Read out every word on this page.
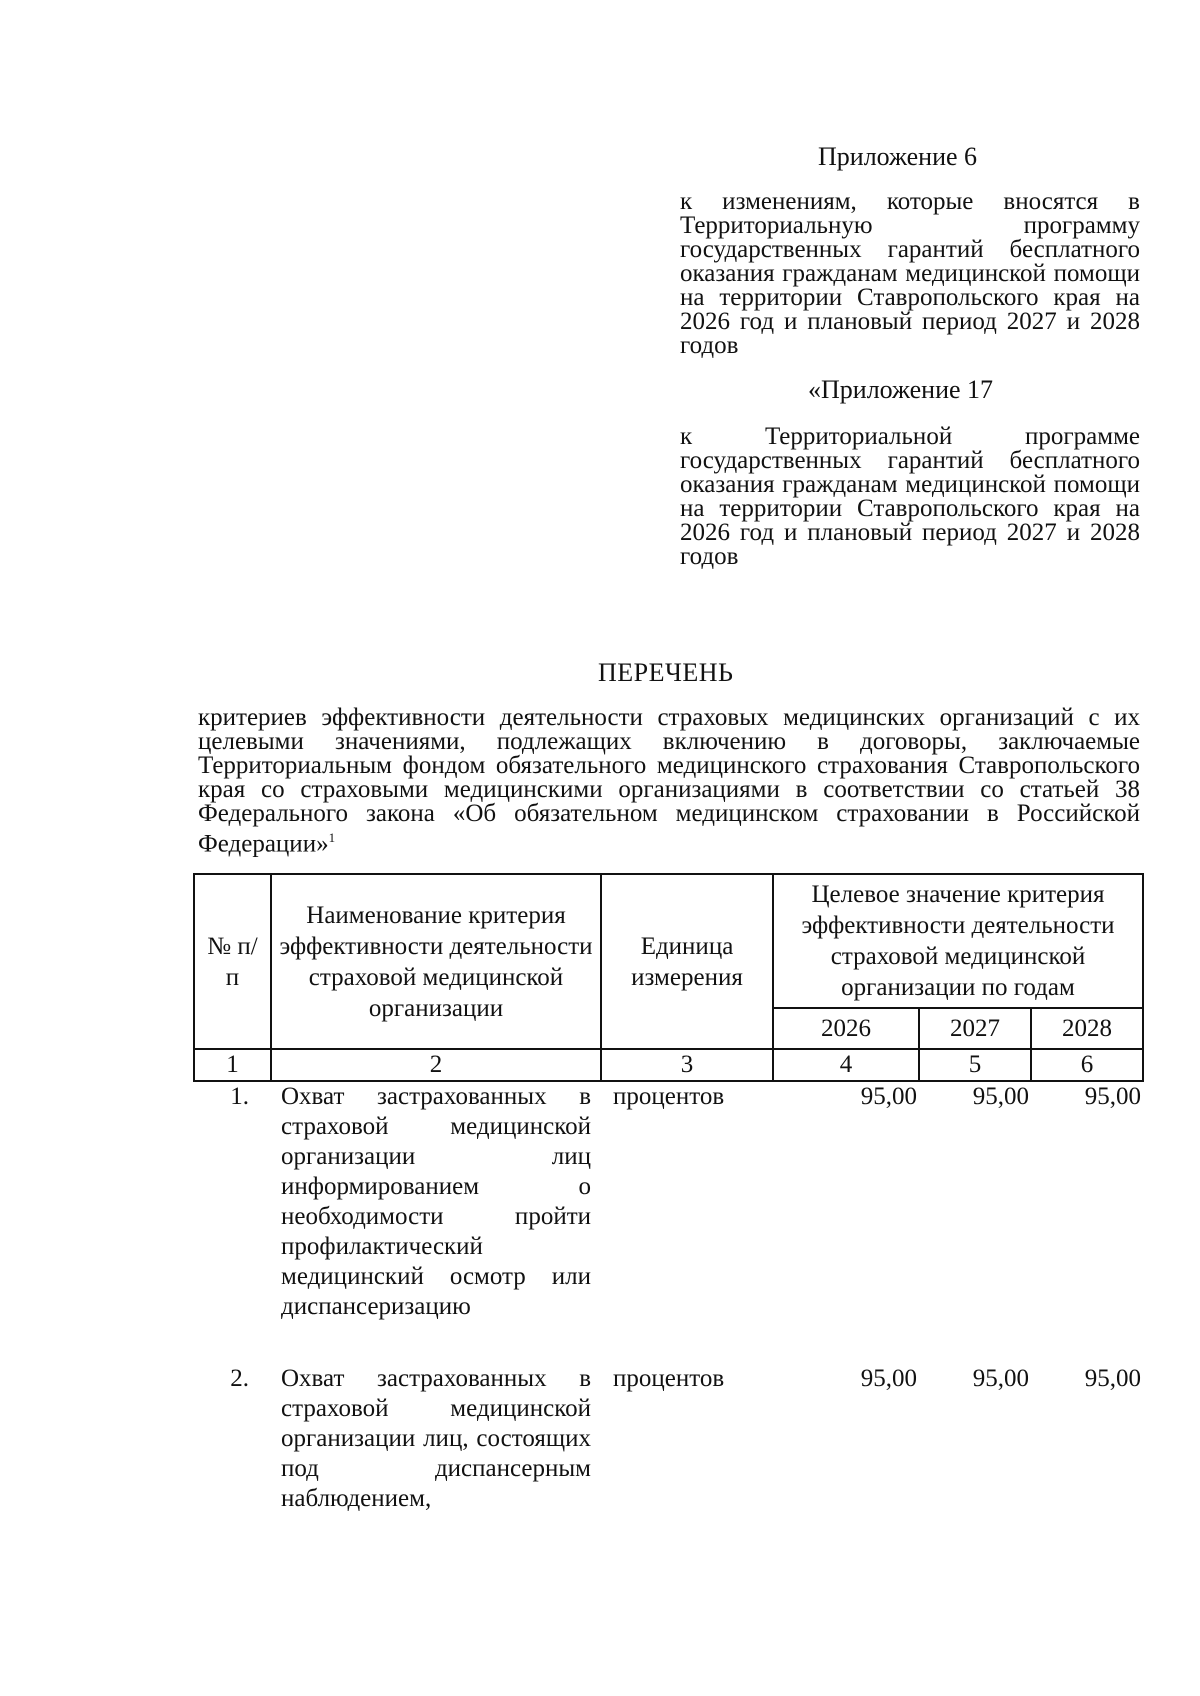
Приложение 6
к изменениям, которые вносятся в Территориальную программу государственных гарантий бесплатного оказания гражданам медицинской помощи на территории Ставропольского края на 2026 год и плановый период 2027 и 2028 годов
«Приложение 17
к Территориальной программе государственных гарантий бесплатного оказания гражданам медицинской помощи на территории Ставропольского края на 2026 год и плановый период 2027 и 2028 годов
ПЕРЕЧЕНЬ
критериев эффективности деятельности страховых медицинских организаций с их целевыми значениями, подлежащих включению в договоры, заключаемые Территориальным фондом обязательного медицинского страхования Ставропольского края со страховыми медицинскими организациями в соответствии со статьей 38 Федерального закона «Об обязательном медицинском страховании в Российской Федерации»$^1$
№ п/п	Наименование критерия эффективности деятельности страховой медицинской организации	Единица измерения	Целевое значение критерия эффективности деятельности страховой медицинской организации по годам		
			2026	2027	2028
1	2	3	4	5	6
1.	Охват застрахованных в страховой медицинской организации лиц информированием о необходимости пройти профилактический медицинский осмотр или диспансеризацию	процентов	95,00	95,00	95,00

2.	Охват застрахованных в страховой медицинской организации лиц, состоящих под диспансерным наблюдением,	процентов	95,00	95,00	95,00
